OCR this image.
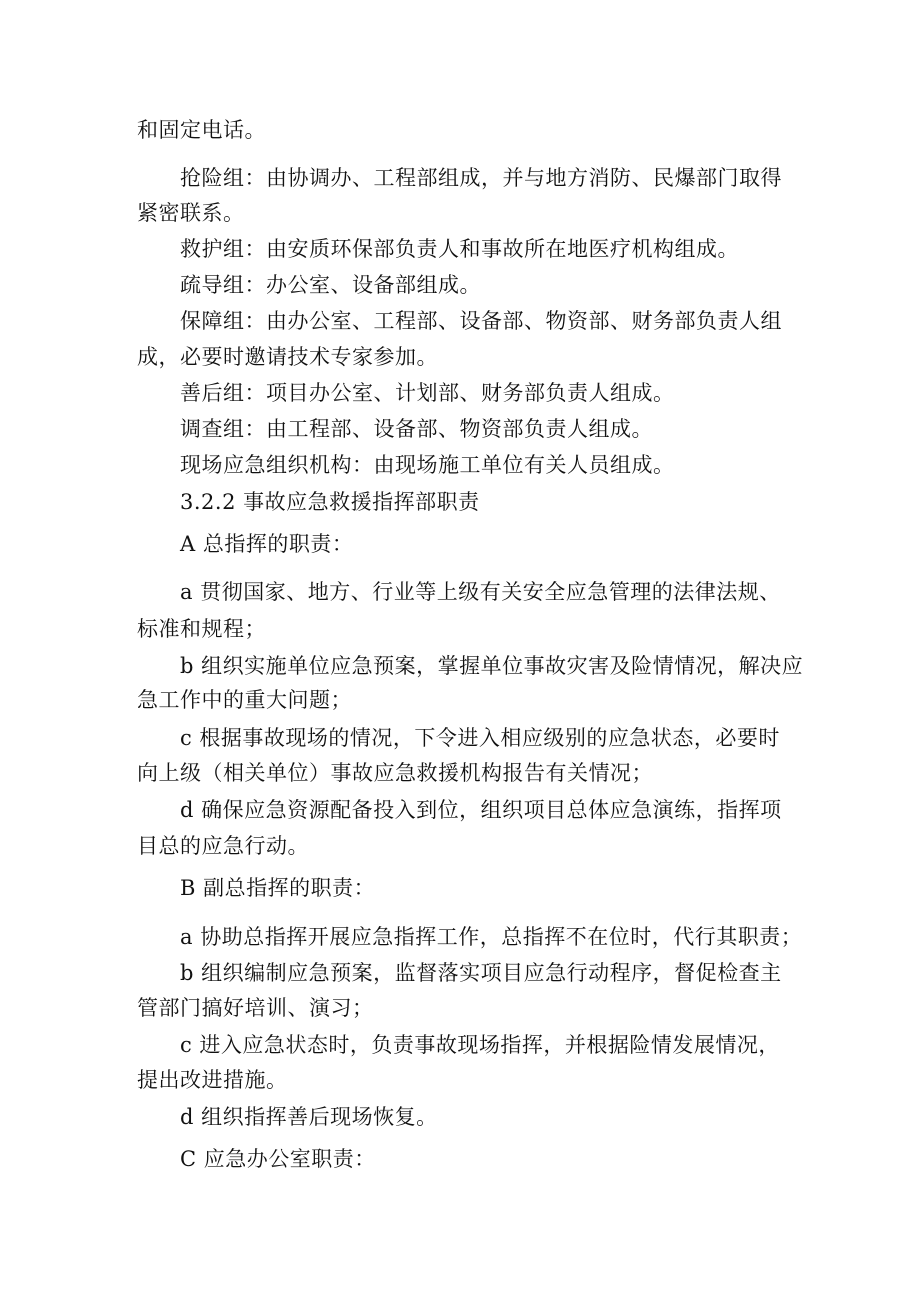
和固定电话。
抢险组：由协调办、工程部组成，并与地方消防、民爆部门取得
紧密联系。
救护组：由安质环保部负责人和事故所在地医疗机构组成。
疏导组：办公室、设备部组成。
保障组：由办公室、工程部、设备部、物资部、财务部负责人组
成，必要时邀请技术专家参加。
善后组：项目办公室、计划部、财务部负责人组成。
调查组：由工程部、设备部、物资部负责人组成。
现场应急组织机构：由现场施工单位有关人员组成。
3.2.2 事故应急救援指挥部职责
A 总指挥的职责：
a 贯彻国家、地方、行业等上级有关安全应急管理的法律法规、
标准和规程；
b 组织实施单位应急预案，掌握单位事故灾害及险情情况，解决应
急工作中的重大问题；
c 根据事故现场的情况，下令进入相应级别的应急状态，必要时
向上级（相关单位）事故应急救援机构报告有关情况；
d 确保应急资源配备投入到位，组织项目总体应急演练，指挥项
目总的应急行动。
B 副总指挥的职责：
a 协助总指挥开展应急指挥工作，总指挥不在位时，代行其职责；
b 组织编制应急预案，监督落实项目应急行动程序，督促检查主
管部门搞好培训、演习；
c 进入应急状态时，负责事故现场指挥，并根据险情发展情况，
提出改进措施。
d 组织指挥善后现场恢复。
C 应急办公室职责：
